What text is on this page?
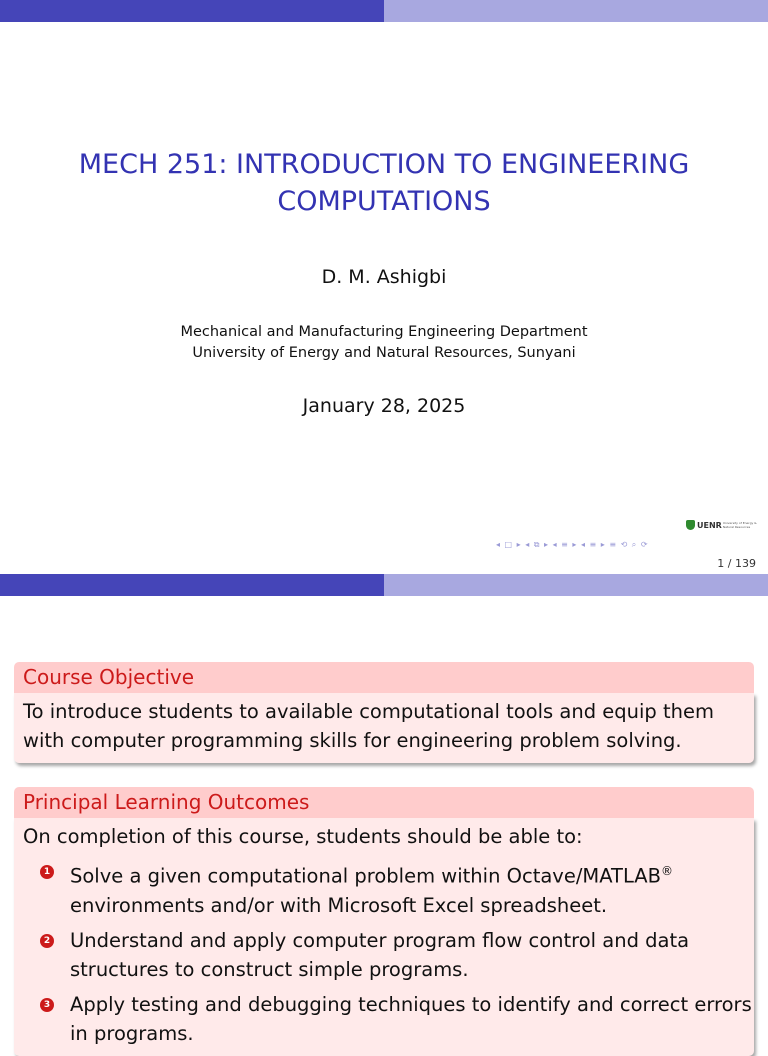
MECH 251: INTRODUCTION TO ENGINEERING
COMPUTATIONS
D. M. Ashigbi
Mechanical and Manufacturing Engineering Department
University of Energy and Natural Resources, Sunyani
January 28, 2025
UENR University of Energy & Natural Resources
◂ □ ▸ ◂ ⧉ ▸ ◂ ≡ ▸ ◂ ≡ ▸ ≡ ⟲ ⌕ ⟳
1 / 139
Course Objective
To introduce students to available computational tools and equip them
with computer programming skills for engineering problem solving.
Principal Learning Outcomes
On completion of this course, students should be able to:
1 Solve a given computational problem within Octave/MATLAB®
environments and/or with Microsoft Excel spreadsheet.
2 Understand and apply computer program flow control and data
structures to construct simple programs.
3 Apply testing and debugging techniques to identify and correct errors
in programs.
